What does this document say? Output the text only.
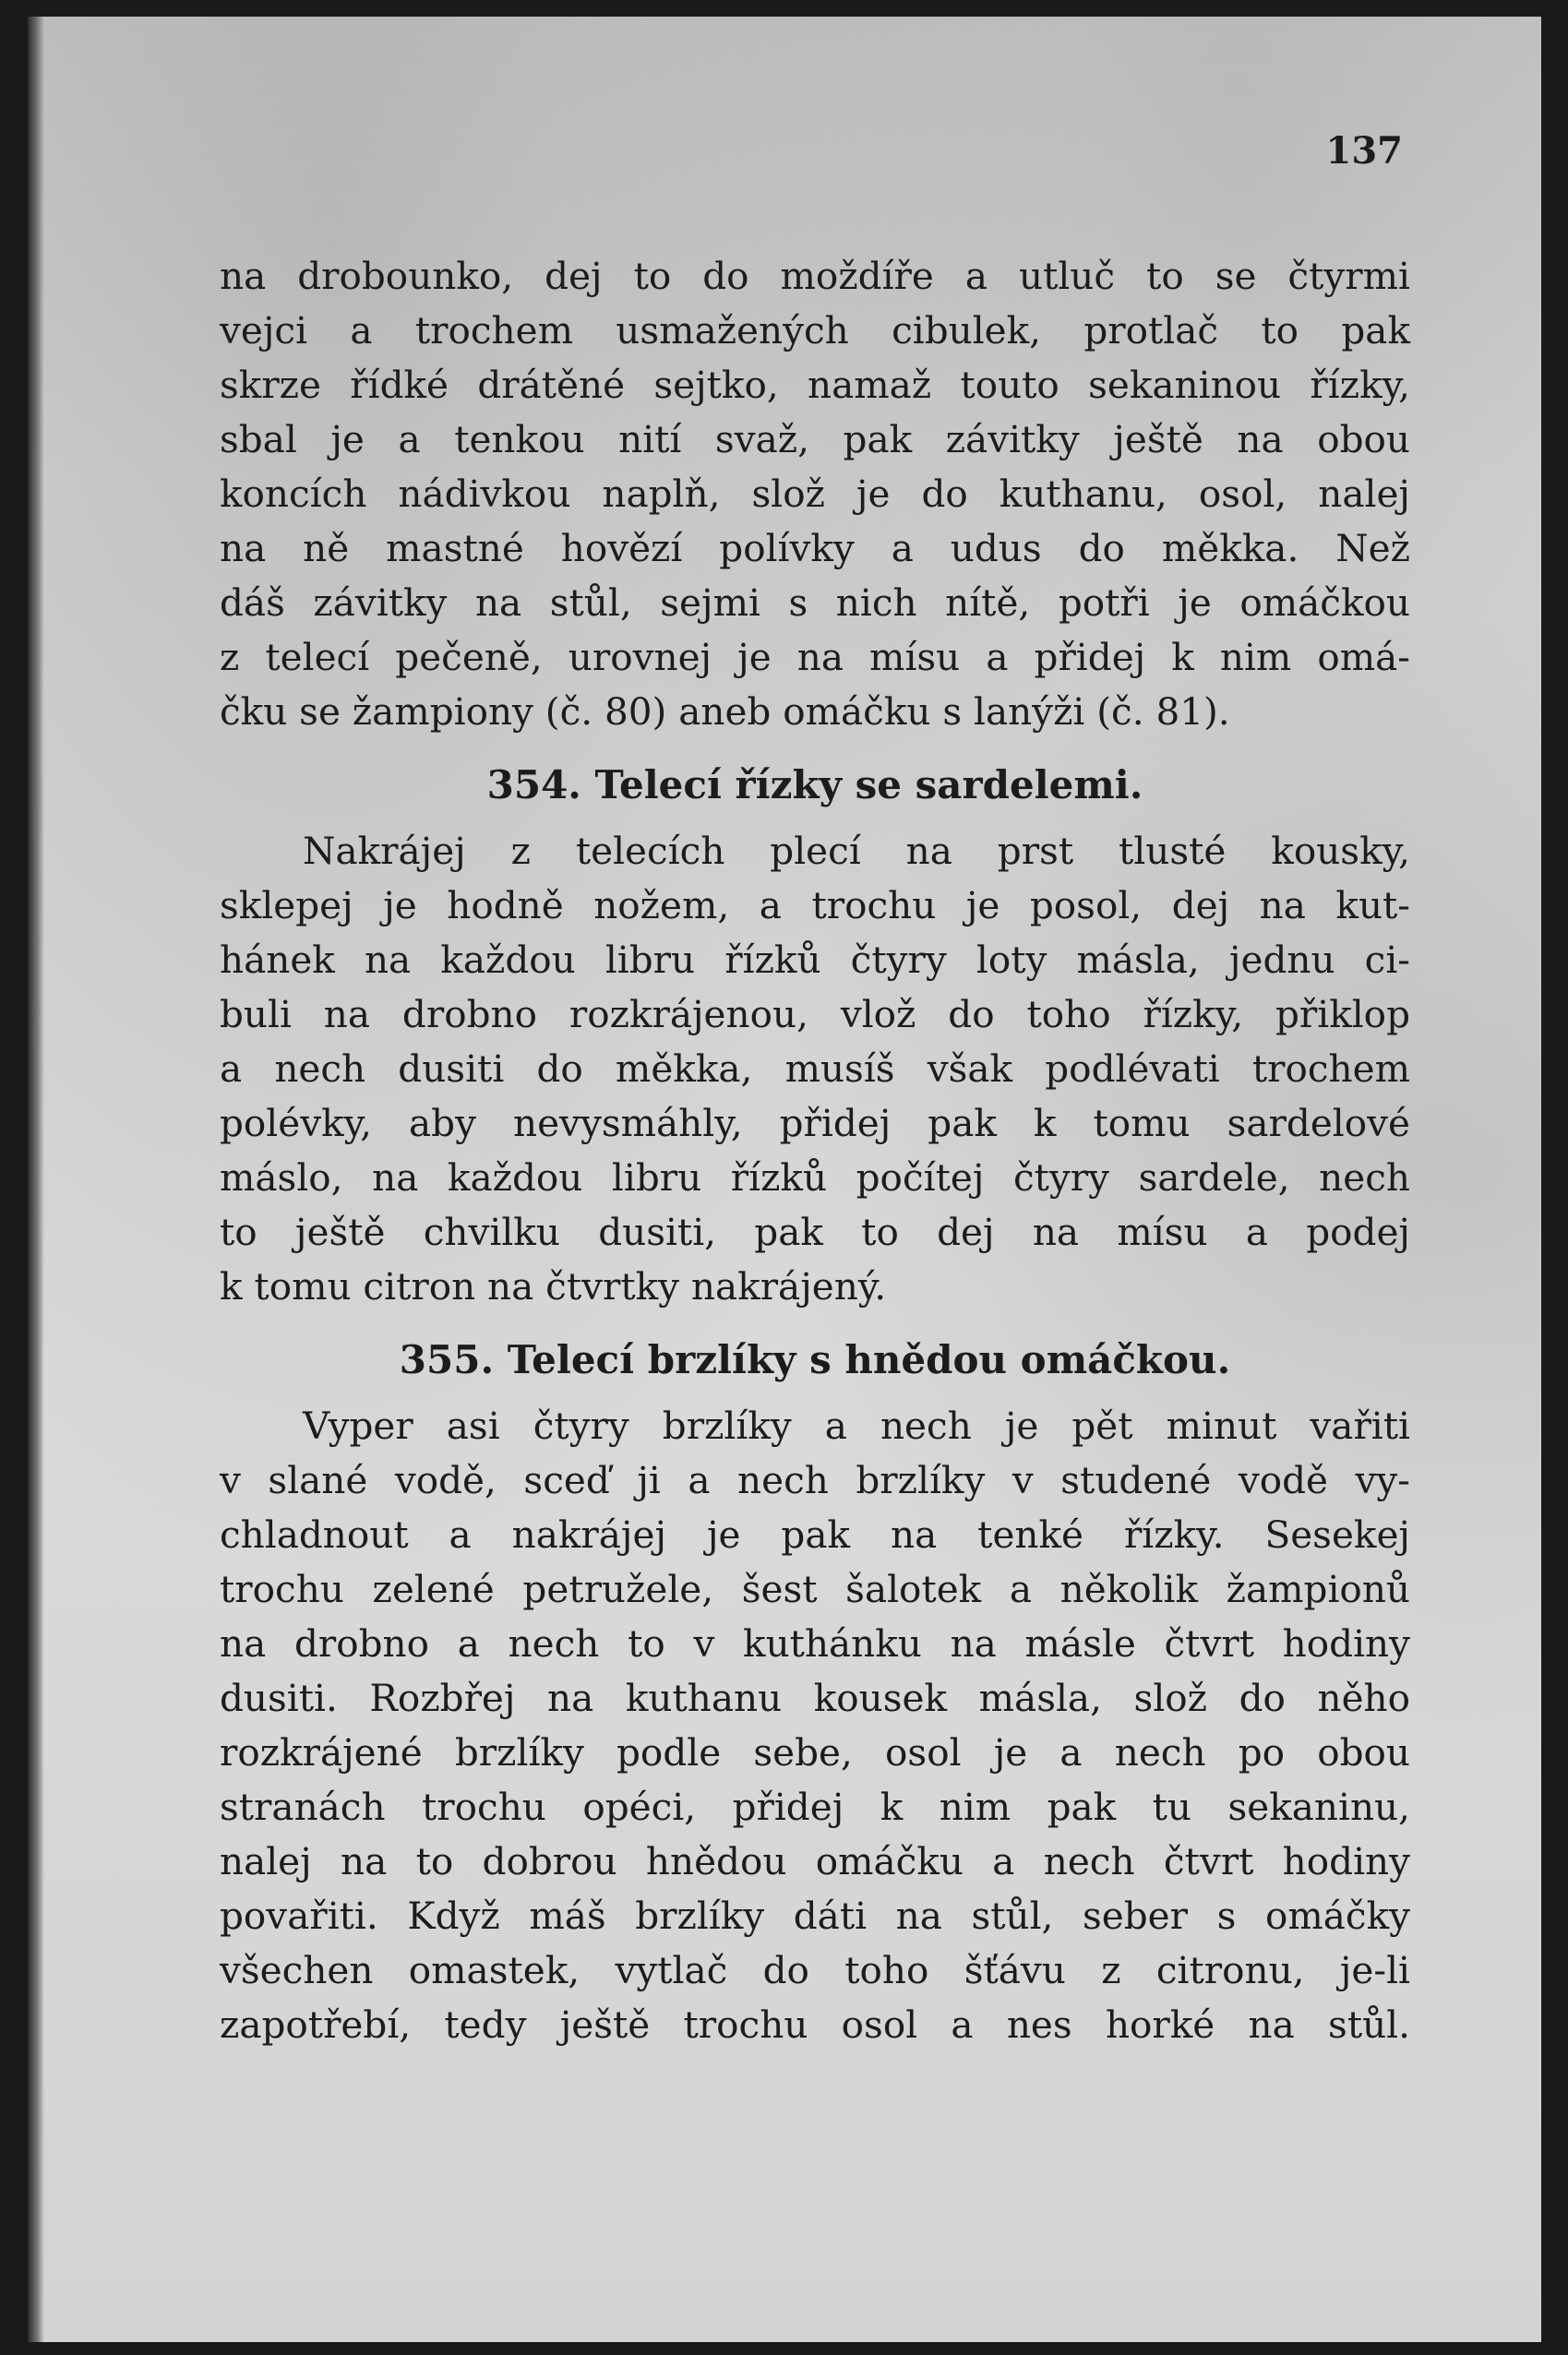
137
na drobounko, dej to do moždíře a utluč to se čtyrmi
vejci a trochem usmažených cibulek, protlač to pak
skrze řídké drátěné sejtko, namaž touto sekaninou řízky,
sbal je a tenkou nití svaž, pak závitky ještě na obou
koncích nádivkou naplň, slož je do kuthanu, osol, nalej
na ně mastné hovězí polívky a udus do měkka. Než
dáš závitky na stůl, sejmi s nich nítě, potři je omáčkou
z telecí pečeně, urovnej je na mísu a přidej k nim omá-
čku se žampiony (č. 80) aneb omáčku s lanýži (č. 81).
354. Telecí řízky se sardelemi.
Nakrájej z telecích plecí na prst tlusté kousky,
sklepej je hodně nožem, a trochu je posol, dej na kut-
hánek na každou libru řízků čtyry loty másla, jednu ci-
buli na drobno rozkrájenou, vlož do toho řízky, přiklop
a nech dusiti do měkka, musíš však podlévati trochem
polévky, aby nevysmáhly, přidej pak k tomu sardelové
máslo, na každou libru řízků počítej čtyry sardele, nech
to ještě chvilku dusiti, pak to dej na mísu a podej
k tomu citron na čtvrtky nakrájený.
355. Telecí brzlíky s hnědou omáčkou.
Vyper asi čtyry brzlíky a nech je pět minut vařiti
v slané vodě, sceď ji a nech brzlíky v studené vodě vy-
chladnout a nakrájej je pak na tenké řízky. Sesekej
trochu zelené petruželе, šest šalotek a několik žampionů
na drobno a nech to v kuthánku na másle čtvrt hodiny
dusiti. Rozbřej na kuthanu kousek másla, slož do něho
rozkrájené brzlíky podle sebe, osol je a nech po obou
stranách trochu opéci, přidej k nim pak tu sekaninu,
nalej na to dobrou hnědou omáčku a nech čtvrt hodiny
povařiti. Když máš brzlíky dáti na stůl, seber s omáčky
všechen omastek, vytlač do toho šťávu z citronu, je-li
zapotřebí, tedy ještě trochu osol a nes horké na stůl.
